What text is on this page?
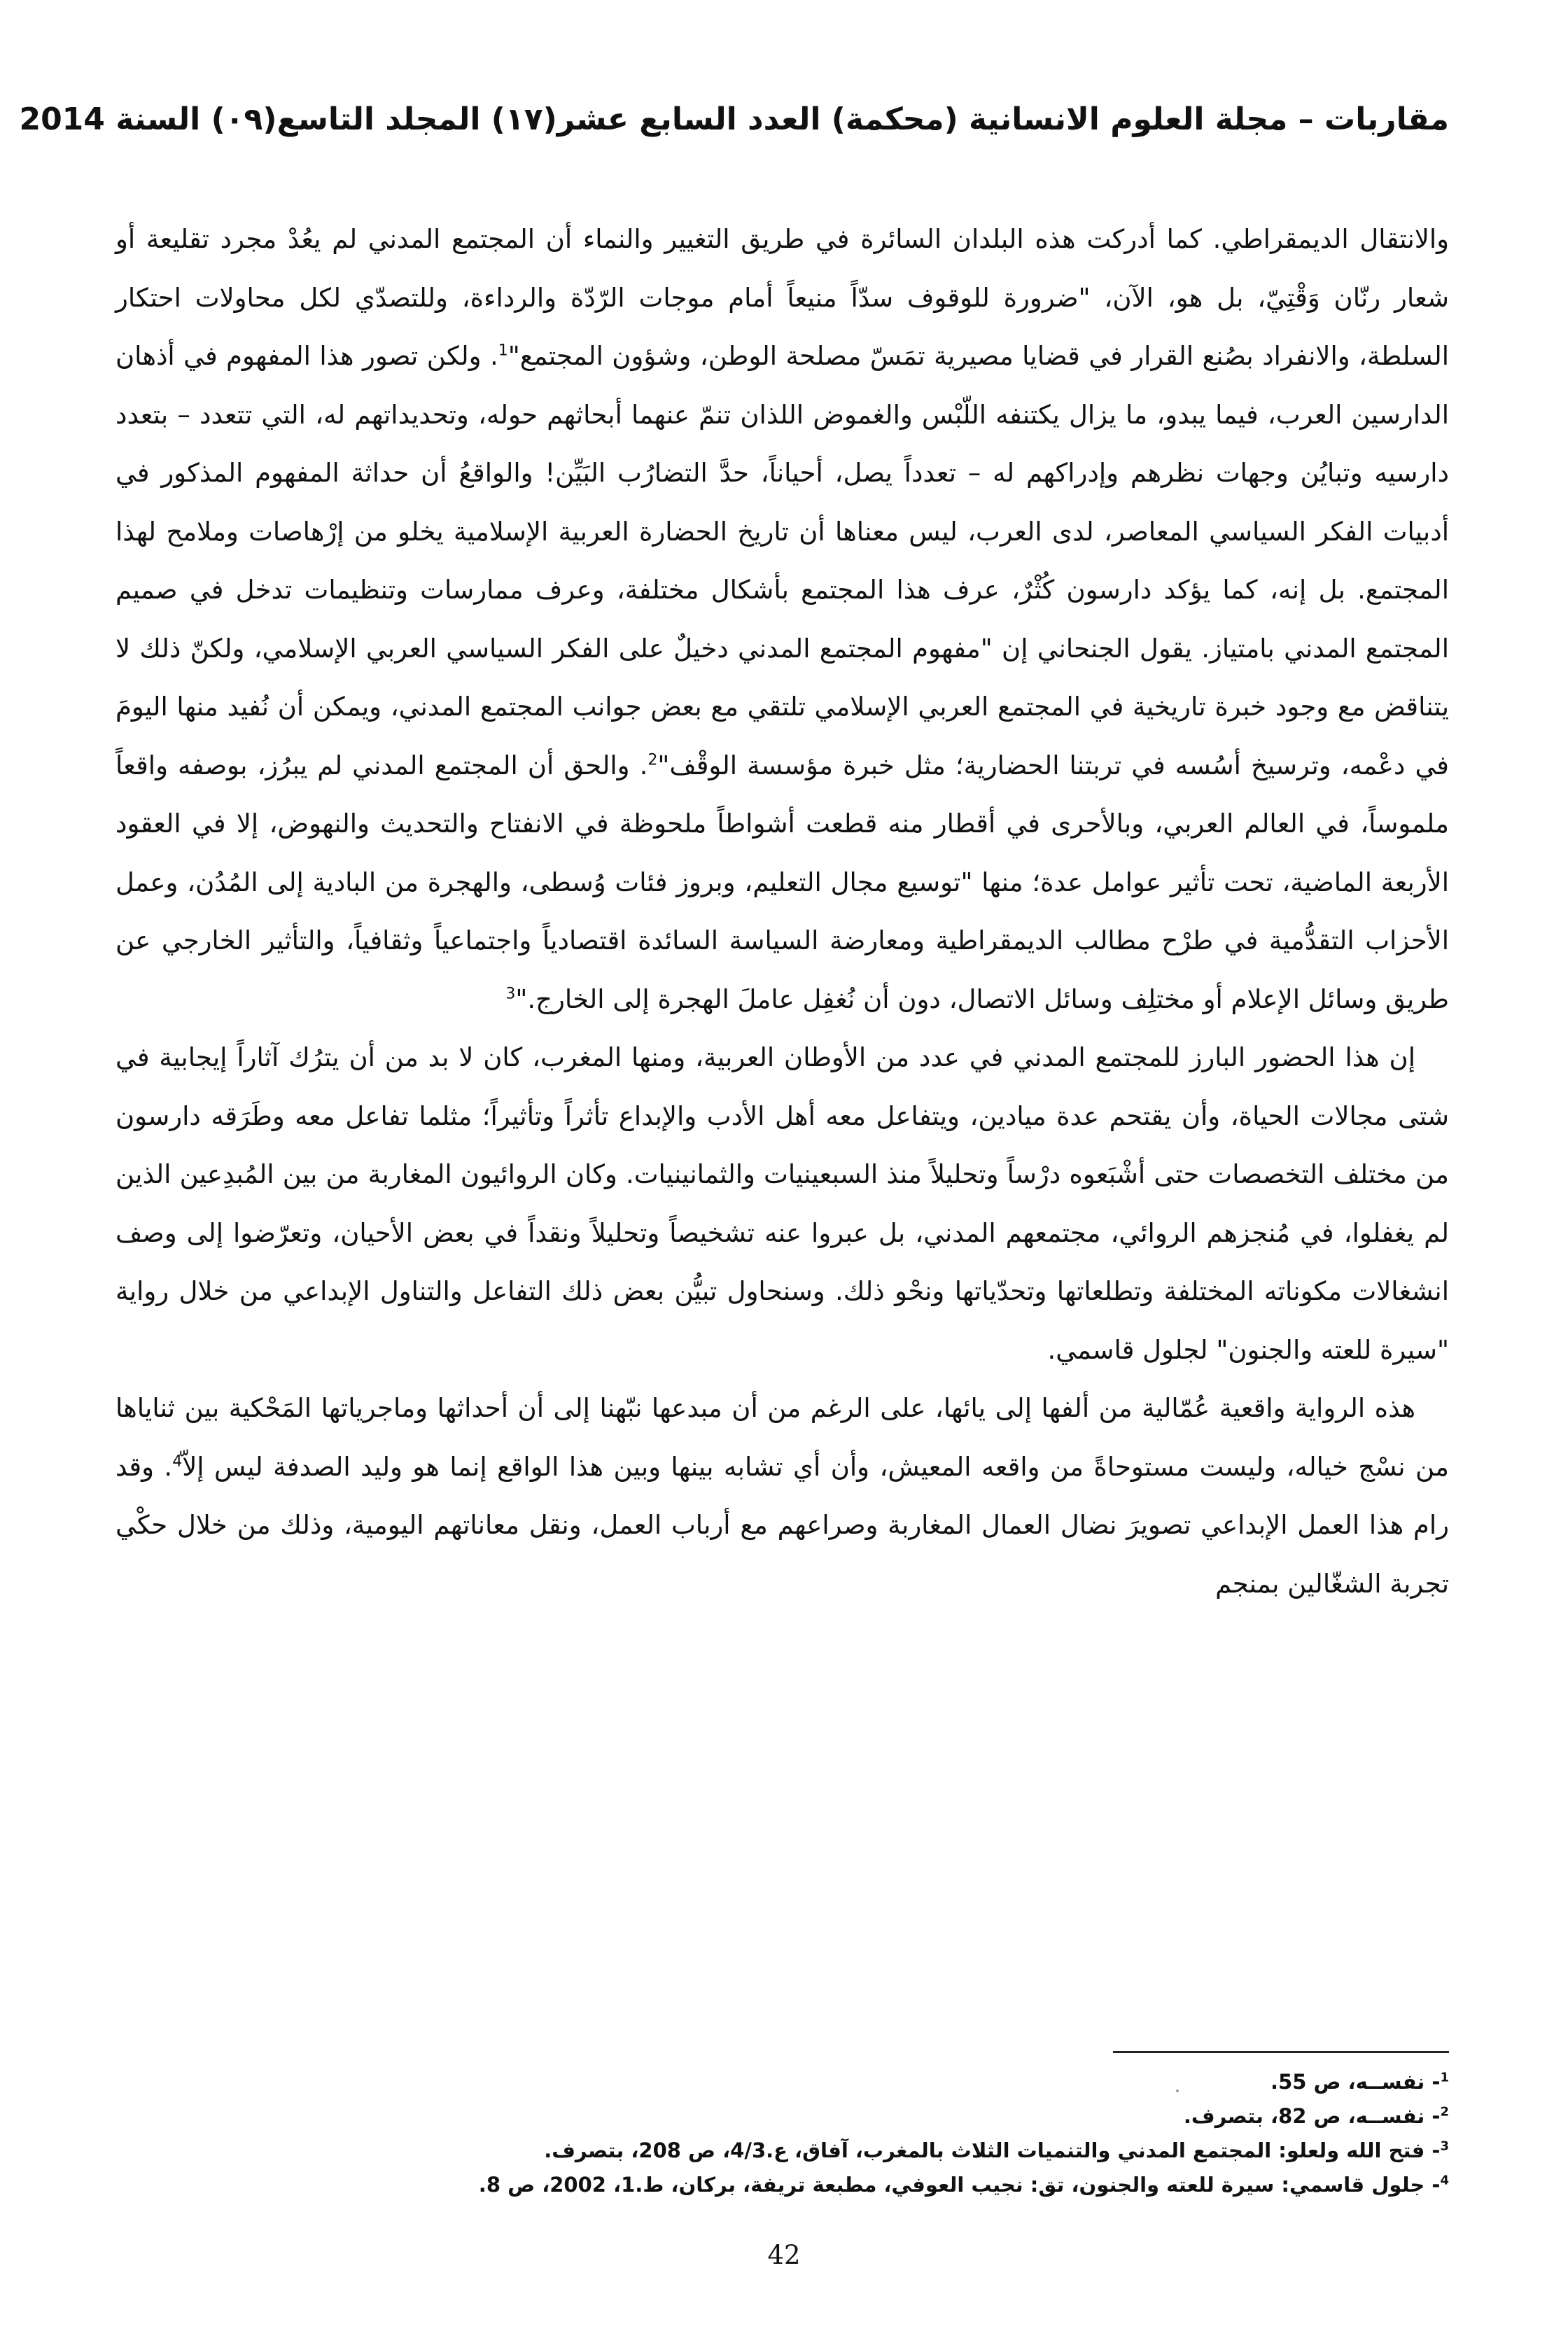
مقاربات – مجلة العلوم الانسانية (محكمة) العدد السابع عشر(١٧) المجلد التاسع(٠٩) السنة 2014

والانتقال الديمقراطي. كما أدركت هذه البلدان السائرة في طريق التغيير والنماء أن المجتمع المدني لم يعُدْ مجرد تقليعة أو شعار رنّان وَقْتِيّ، بل هو، الآن، "ضرورة للوقوف سدّاً منيعاً أمام موجات الرّدّة والرداءة، وللتصدّي لكل محاولات احتكار السلطة، والانفراد بصُنع القرار في قضايا مصيرية تمَسّ مصلحة الوطن، وشؤون المجتمع"$^1$. ولكن تصور هذا المفهوم في أذهان الدارسين العرب، فيما يبدو، ما يزال يكتنفه اللّبْس والغموض اللذان تنمّ عنهما أبحاثهم حوله، وتحديداتهم له، التي تتعدد – بتعدد دارسيه وتبايُن وجهات نظرهم وإدراكهم له – تعدداً يصل، أحياناً، حدَّ التضارُب البَيِّن! والواقعُ أن حداثة المفهوم المذكور في أدبيات الفكر السياسي المعاصر، لدى العرب، ليس معناها أن تاريخ الحضارة العربية الإسلامية يخلو من إرْهاصات وملامح لهذا المجتمع. بل إنه، كما يؤكد دارسون كُثْرٌ، عرف هذا المجتمع بأشكال مختلفة، وعرف ممارسات وتنظيمات تدخل في صميم المجتمع المدني بامتياز. يقول الجنحاني إن "مفهوم المجتمع المدني دخيلٌ على الفكر السياسي العربي الإسلامي، ولكنّ ذلك لا يتناقض مع وجود خبرة تاريخية في المجتمع العربي الإسلامي تلتقي مع بعض جوانب المجتمع المدني، ويمكن أن نُفيد منها اليومَ في دعْمه، وترسيخ أسُسه في تربتنا الحضارية؛ مثل خبرة مؤسسة الوقْف"$^2$. والحق أن المجتمع المدني لم يبرُز، بوصفه واقعاً ملموساً، في العالم العربي، وبالأحرى في أقطار منه قطعت أشواطاً ملحوظة في الانفتاح والتحديث والنهوض، إلا في العقود الأربعة الماضية، تحت تأثير عوامل عدة؛ منها "توسيع مجال التعليم، وبروز فئات وُسطى، والهجرة من البادية إلى المُدُن، وعمل الأحزاب التقدُّمية في طرْح مطالب الديمقراطية ومعارضة السياسة السائدة اقتصادياً واجتماعياً وثقافياً، والتأثير الخارجي عن طريق وسائل الإعلام أو مختلِف وسائل الاتصال، دون أن نُغفِل عاملَ الهجرة إلى الخارج."$^3$

إن هذا الحضور البارز للمجتمع المدني في عدد من الأوطان العربية، ومنها المغرب، كان لا بد من أن يترُك آثاراً إيجابية في شتى مجالات الحياة، وأن يقتحم عدة ميادين، ويتفاعل معه أهل الأدب والإبداع تأثراً وتأثيراً؛ مثلما تفاعل معه وطَرَقه دارسون من مختلف التخصصات حتى أشْبَعوه درْساً وتحليلاً منذ السبعينيات والثمانينيات. وكان الروائيون المغاربة من بين المُبدِعين الذين لم يغفلوا، في مُنجزهم الروائي، مجتمعهم المدني، بل عبروا عنه تشخيصاً وتحليلاً ونقداً في بعض الأحيان، وتعرّضوا إلى وصف انشغالات مكوناته المختلفة وتطلعاتها وتحدّياتها ونحْو ذلك. وسنحاول تبيُّن بعض ذلك التفاعل والتناول الإبداعي من خلال رواية "سيرة للعته والجنون" لجلول قاسمي.

هذه الرواية واقعية عُمّالية من ألفها إلى يائها، على الرغم من أن مبدعها نبّهنا إلى أن أحداثها وماجرياتها المَحْكية بين ثناياها من نسْج خياله، وليست مستوحاةً من واقعه المعيش، وأن أي تشابه بينها وبين هذا الواقع إنما هو وليد الصدفة ليس إلاّ$^4$. وقد رام هذا العمل الإبداعي تصويرَ نضال العمال المغاربة وصراعهم مع أرباب العمل، ونقل معاناتهم اليومية، وذلك من خلال حكْي تجربة الشغّالين بمنجم

$^1$- نفســه، ص 55.

$^2$- نفســه، ص 82، بتصرف.

$^3$- فتح الله ولعلو: المجتمع المدني والتنميات الثلاث بالمغرب، آفاق، ع.4/3، ص 208، بتصرف.

$^4$- جلول قاسمي: سيرة للعته والجنون، تق: نجيب العوفي، مطبعة تريفة، بركان، ط.1، 2002، ص 8.

42
